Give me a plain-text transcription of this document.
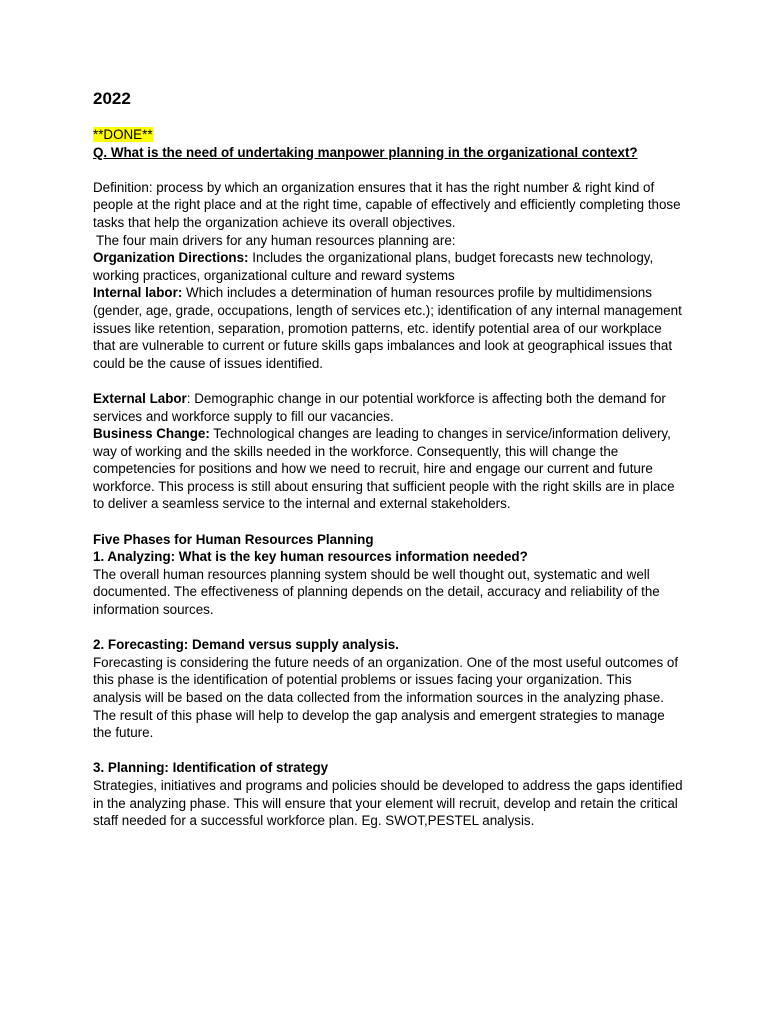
2022

**DONE**

Q. What is the need of undertaking manpower planning in the organizational context?

Definition: process by which an organization ensures that it has the right number & right kind of people at the right place and at the right time, capable of effectively and efficiently completing those tasks that help the organization achieve its overall objectives.

The four main drivers for any human resources planning are:

Organization Directions: Includes the organizational plans, budget forecasts new technology, working practices, organizational culture and reward systems

Internal labor: Which includes a determination of human resources profile by multidimensions (gender, age, grade, occupations, length of services etc.); identification of any internal management issues like retention, separation, promotion patterns, etc. identify potential area of our workplace that are vulnerable to current or future skills gaps imbalances and look at geographical issues that could be the cause of issues identified.

External Labor: Demographic change in our potential workforce is affecting both the demand for services and workforce supply to fill our vacancies.

Business Change: Technological changes are leading to changes in service/information delivery, way of working and the skills needed in the workforce. Consequently, this will change the competencies for positions and how we need to recruit, hire and engage our current and future workforce. This process is still about ensuring that sufficient people with the right skills are in place to deliver a seamless service to the internal and external stakeholders.

Five Phases for Human Resources Planning

1. Analyzing: What is the key human resources information needed?

The overall human resources planning system should be well thought out, systematic and well documented. The effectiveness of planning depends on the detail, accuracy and reliability of the information sources.

2. Forecasting: Demand versus supply analysis.

Forecasting is considering the future needs of an organization. One of the most useful outcomes of this phase is the identification of potential problems or issues facing your organization. This analysis will be based on the data collected from the information sources in the analyzing phase. The result of this phase will help to develop the gap analysis and emergent strategies to manage the future.

3. Planning: Identification of strategy

Strategies, initiatives and programs and policies should be developed to address the gaps identified in the analyzing phase. This will ensure that your element will recruit, develop and retain the critical staff needed for a successful workforce plan. Eg. SWOT,PESTEL analysis.
